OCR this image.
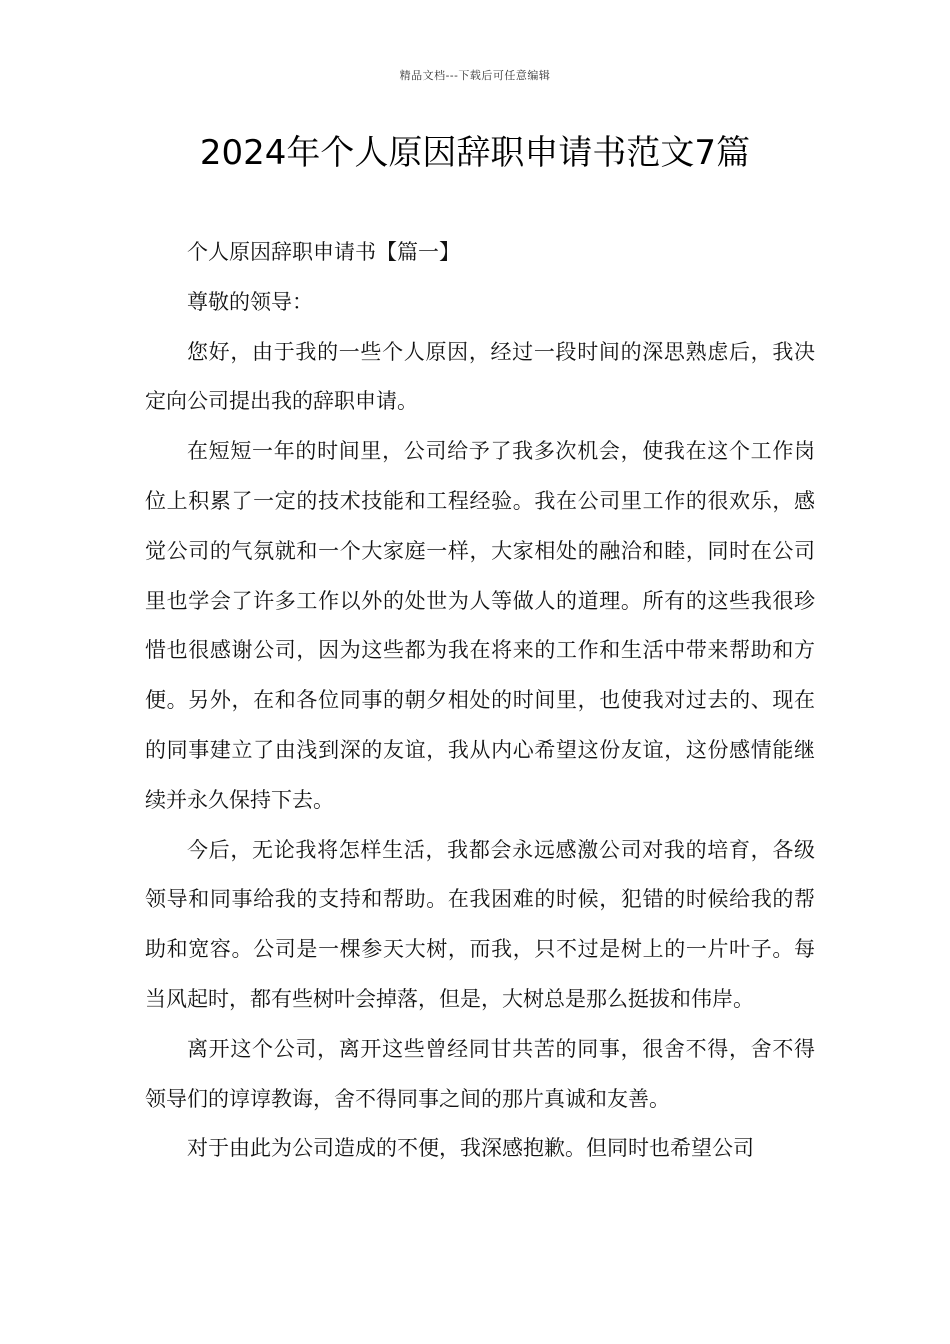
精品文档---下载后可任意编辑
2024年个人原因辞职申请书范文7篇

个人原因辞职申请书【篇一】

尊敬的领导：

您好，由于我的一些个人原因，经过一段时间的深思熟虑后，我决定向公司提出我的辞职申请。

在短短一年的时间里，公司给予了我多次机会，使我在这个工作岗位上积累了一定的技术技能和工程经验。我在公司里工作的很欢乐，感觉公司的气氛就和一个大家庭一样，大家相处的融洽和睦，同时在公司里也学会了许多工作以外的处世为人等做人的道理。所有的这些我很珍惜也很感谢公司，因为这些都为我在将来的工作和生活中带来帮助和方便。另外，在和各位同事的朝夕相处的时间里，也使我对过去的、现在的同事建立了由浅到深的友谊，我从内心希望这份友谊，这份感情能继续并永久保持下去。

今后，无论我将怎样生活，我都会永远感激公司对我的培育，各级领导和同事给我的支持和帮助。在我困难的时候，犯错的时候给我的帮助和宽容。公司是一棵参天大树，而我，只不过是树上的一片叶子。每当风起时，都有些树叶会掉落，但是，大树总是那么挺拔和伟岸。

离开这个公司，离开这些曾经同甘共苦的同事，很舍不得，舍不得领导们的谆谆教诲，舍不得同事之间的那片真诚和友善。

对于由此为公司造成的不便，我深感抱歉。但同时也希望公司
